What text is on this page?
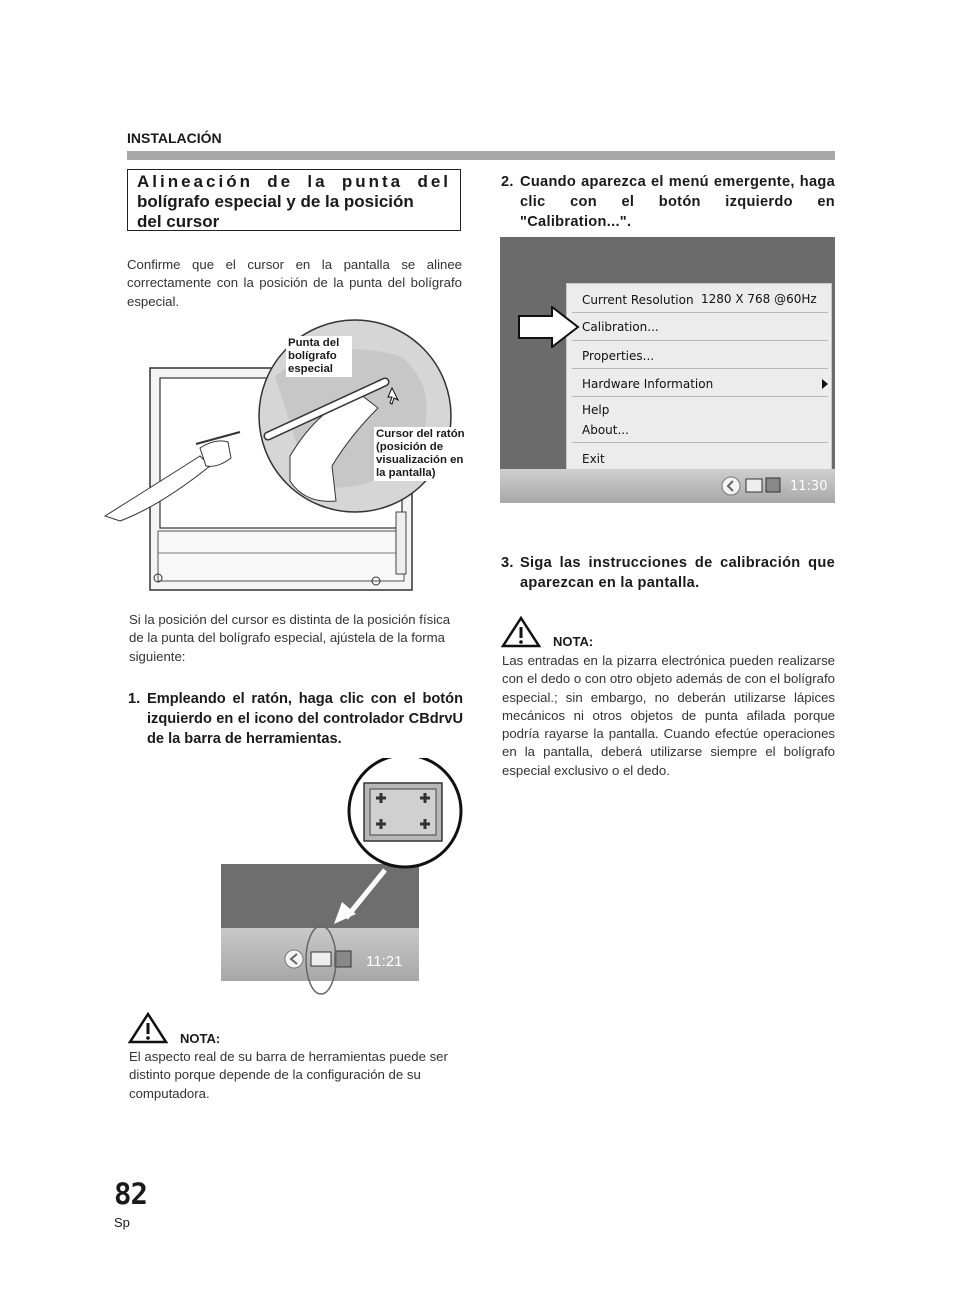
INSTALACIÓN
Alineación de la punta del
bolígrafo especial y de la posición
del cursor
Confirme que el cursor en la pantalla se alinee correctamente con la posición de la punta del bolígrafo especial.
Punta del bolígrafo especial
Cursor del ratón (posición de visualización en la pantalla)
Si la posición del cursor es distinta de la posición física de la punta del bolígrafo especial, ajústela de la forma siguiente:
1. Empleando el ratón, haga clic con el botón izquierdo en el icono del controlador CBdrvU de la barra de herramientas.
11:21
NOTA:
El aspecto real de su barra de herramientas puede ser distinto porque depende de la configuración de su computadora.
2. Cuando aparezca el menú emergente, haga clic con el botón izquierdo en "Calibration...".
Current Resolution 1280 X 768 @60Hz
Calibration...
Properties...
Hardware Information
Help
About...
Exit
11:30
3. Siga las instrucciones de calibración que aparezcan en la pantalla.
NOTA:
Las entradas en la pizarra electrónica pueden realizarse con el dedo o con otro objeto además de con el bolígrafo especial.; sin embargo, no deberán utilizarse lápices mecánicos ni otros objetos de punta afilada porque podría rayarse la pantalla. Cuando efectúe operaciones en la pantalla, deberá utilizarse siempre el bolígrafo especial exclusivo o el dedo.
82
Sp
